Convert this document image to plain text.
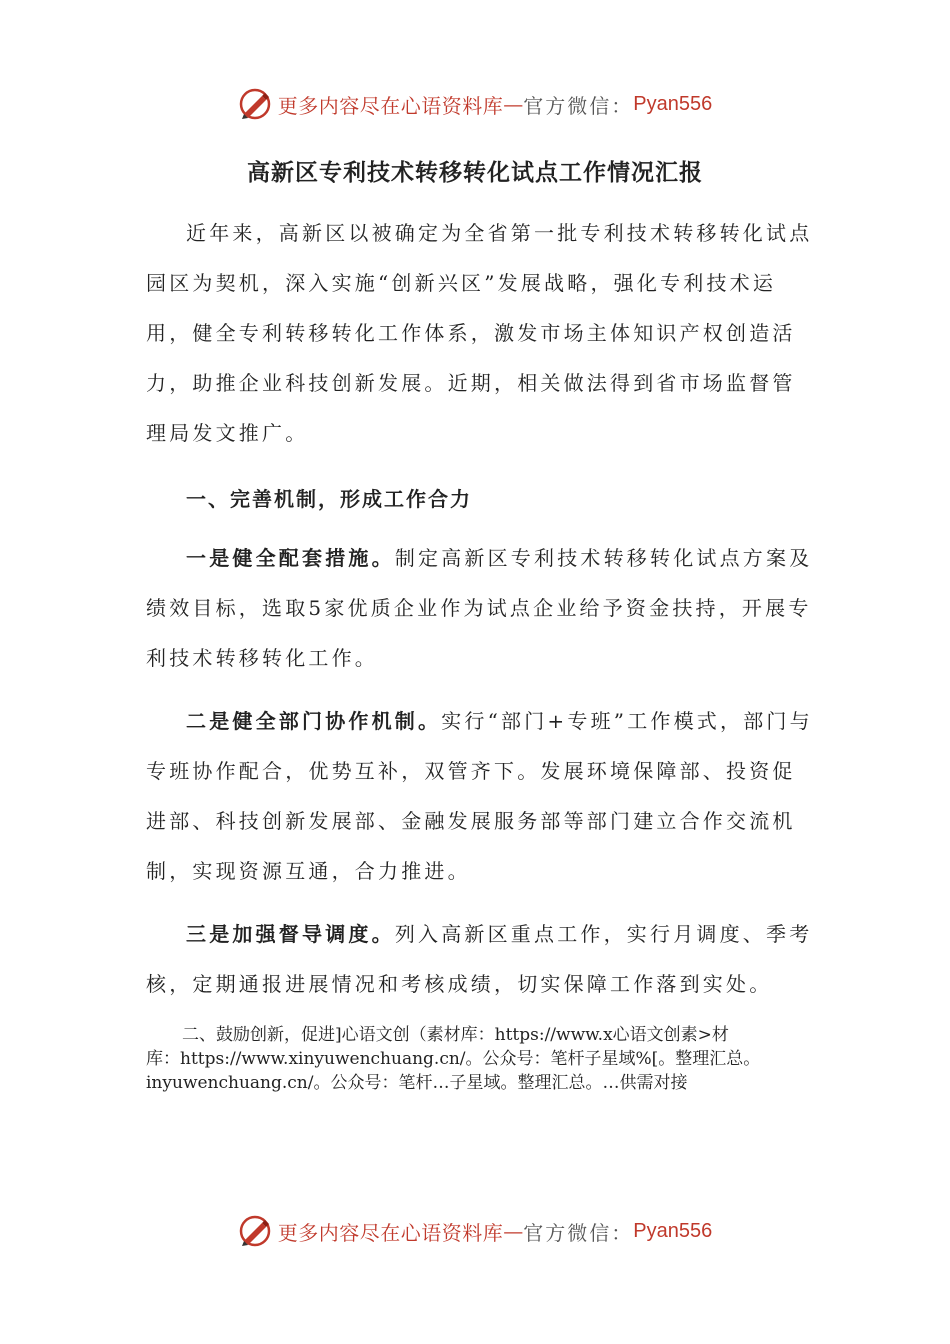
更多内容尽在心语资料库 — 官方微信： Pyan556
高新区专利技术转移转化试点工作情况汇报

近年来，高新区以被确定为全省第一批专利技术转移转化试点园区为契机，深入实施“创新兴区”发展战略，强化专利技术运用，健全专利转移转化工作体系，激发市场主体知识产权创造活力，助推企业科技创新发展。近期，相关做法得到省市场监督管理局发文推广。

一、完善机制，形成工作合力

一是健全配套措施。制定高新区专利技术转移转化试点方案及绩效目标，选取5家优质企业作为试点企业给予资金扶持，开展专利技术转移转化工作。

二是健全部门协作机制。实行“部门+专班”工作模式，部门与专班协作配合，优势互补，双管齐下。发展环境保障部、投资促进部、科技创新发展部、金融发展服务部等部门建立合作交流机制，实现资源互通，合力推进。

三是加强督导调度。列入高新区重点工作，实行月调度、季考核，定期通报进展情况和考核成绩，切实保障工作落到实处。

二、鼓励创新，促进]心语文创（素材库：https://www.x心语文创素>材
库：https://www.xinyuwenchuang.cn/。公众号：笔杆子星域%[。整理汇总。
inyuwenchuang.cn/。公众号：笔杆…子星域。整理汇总。…供需对接

更多内容尽在心语资料库 — 官方微信： Pyan556
